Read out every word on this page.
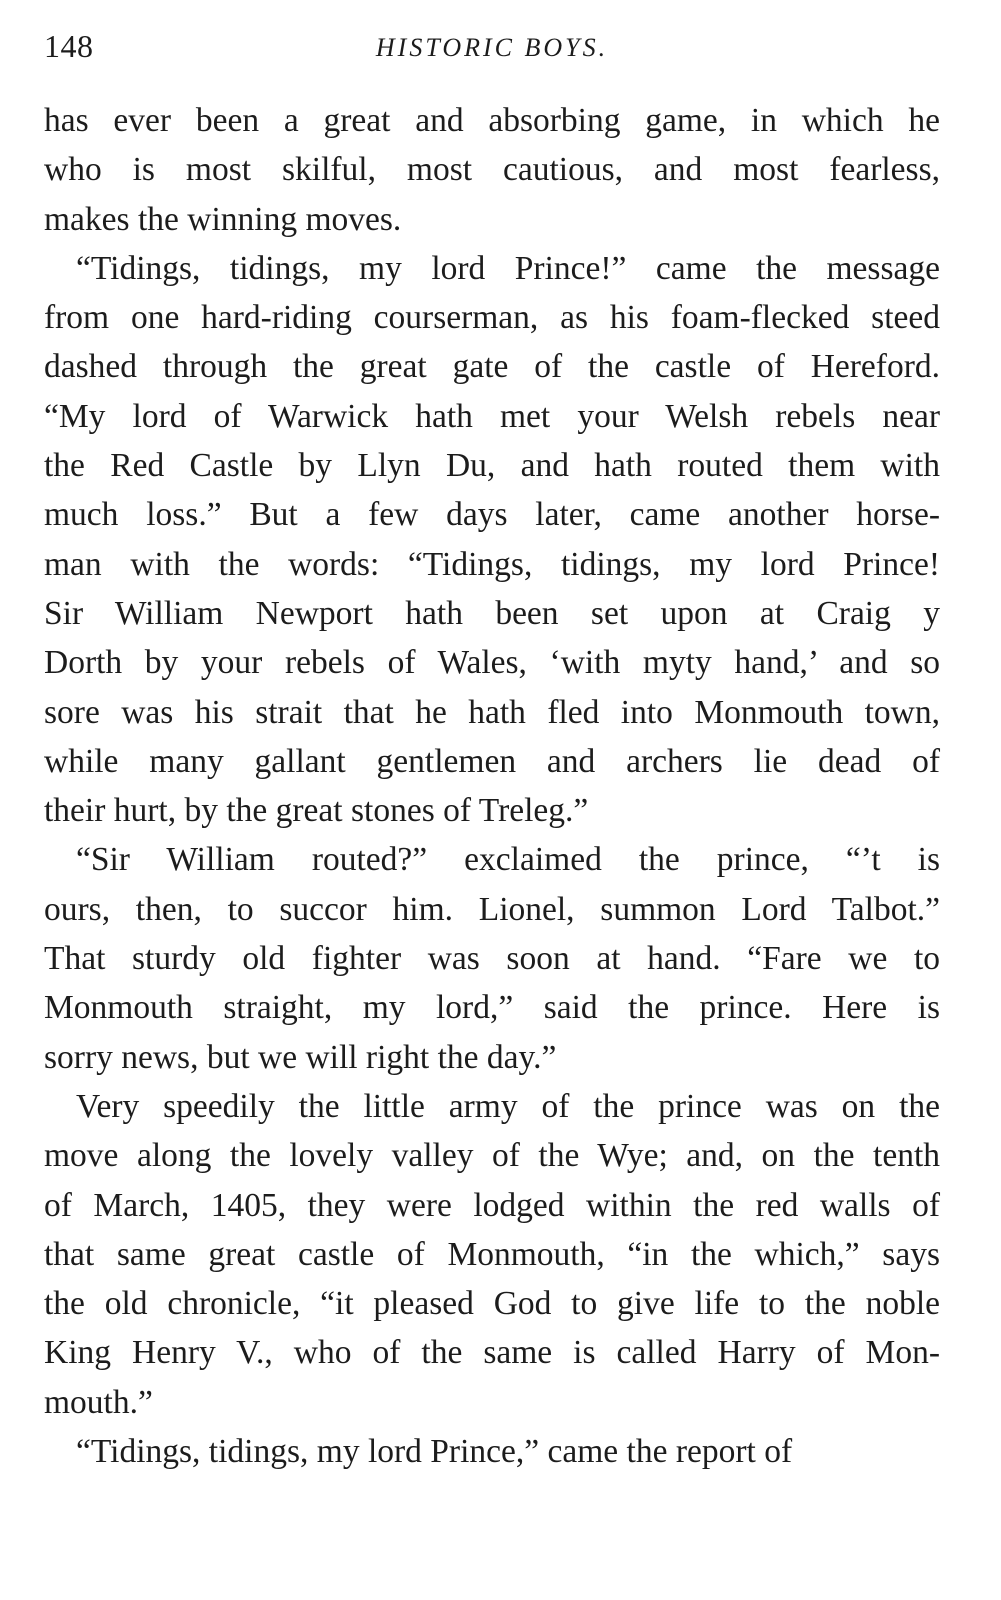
148	HISTORIC BOYS.
has ever been a great and absorbing game, in which he
who is most skilful, most cautious, and most fearless,
makes the winning moves.
“Tidings, tidings, my lord Prince!” came the message
from one hard-riding courserman, as his foam-flecked steed
dashed through the great gate of the castle of Hereford.
“My lord of Warwick hath met your Welsh rebels near
the Red Castle by Llyn Du, and hath routed them with
much loss.” But a few days later, came another horse-
man with the words: “Tidings, tidings, my lord Prince!
Sir William Newport hath been set upon at Craig y
Dorth by your rebels of Wales, ‘with myty hand,’ and so
sore was his strait that he hath fled into Monmouth town,
while many gallant gentlemen and archers lie dead of
their hurt, by the great stones of Treleg.”
“Sir William routed?” exclaimed the prince, “’t is
ours, then, to succor him. Lionel, summon Lord Talbot.”
That sturdy old fighter was soon at hand. “Fare we to
Monmouth straight, my lord,” said the prince. Here is
sorry news, but we will right the day.”
Very speedily the little army of the prince was on the
move along the lovely valley of the Wye; and, on the tenth
of March, 1405, they were lodged within the red walls of
that same great castle of Monmouth, “in the which,” says
the old chronicle, “it pleased God to give life to the noble
King Henry V., who of the same is called Harry of Mon-
mouth.”
“Tidings, tidings, my lord Prince,” came the report of
